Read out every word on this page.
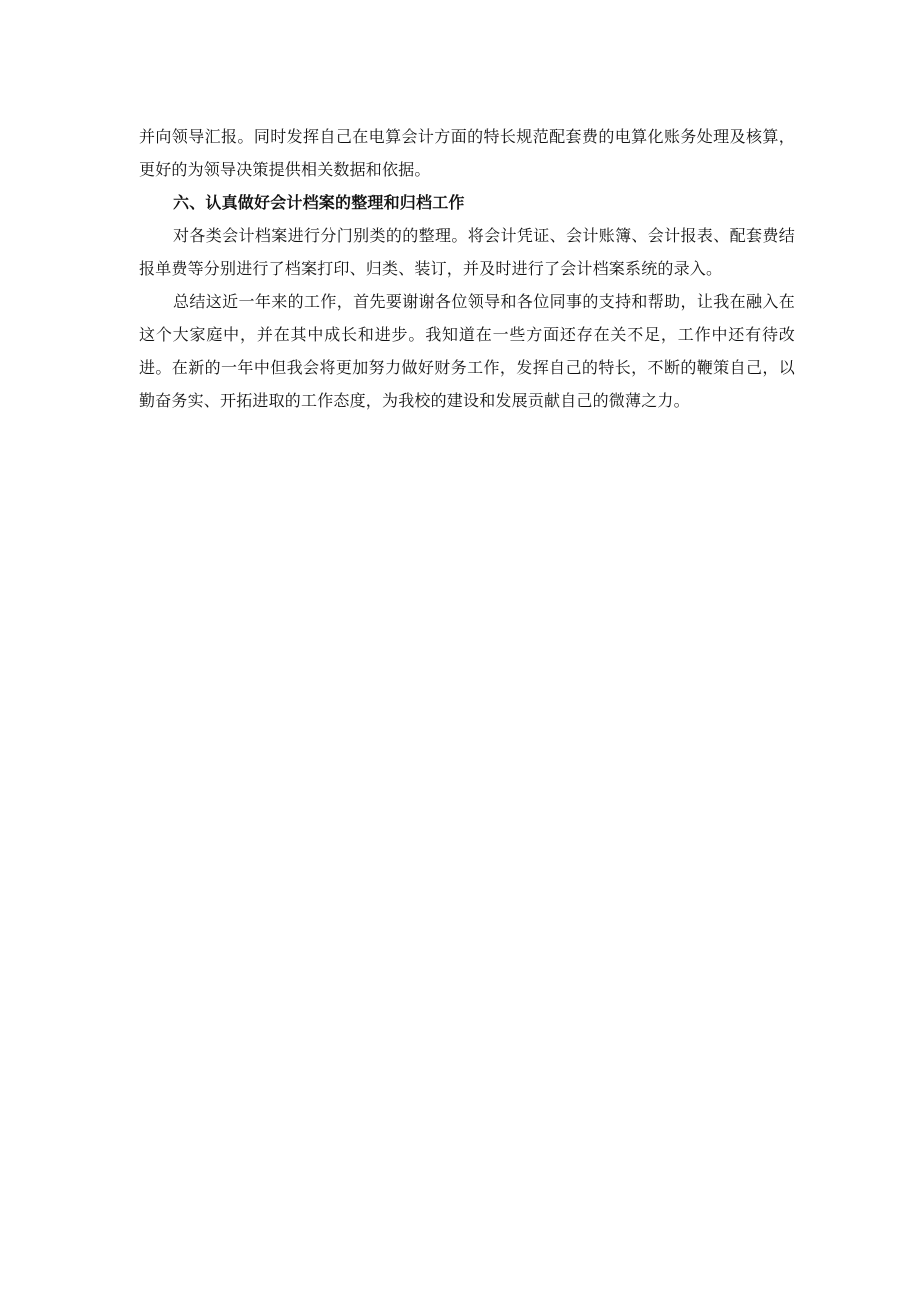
并向领导汇报。同时发挥自己在电算会计方面的特长规范配套费的电算化账务处理及核算，更好的为领导决策提供相关数据和依据。

六、认真做好会计档案的整理和归档工作

对各类会计档案进行分门别类的的整理。将会计凭证、会计账簿、会计报表、配套费结报单费等分别进行了档案打印、归类、装订，并及时进行了会计档案系统的录入。

总结这近一年来的工作，首先要谢谢各位领导和各位同事的支持和帮助，让我在融入在这个大家庭中，并在其中成长和进步。我知道在一些方面还存在关不足，工作中还有待改进。在新的一年中但我会将更加努力做好财务工作，发挥自己的特长，不断的鞭策自己，以勤奋务实、开拓进取的工作态度，为我校的建设和发展贡献自己的微薄之力。
